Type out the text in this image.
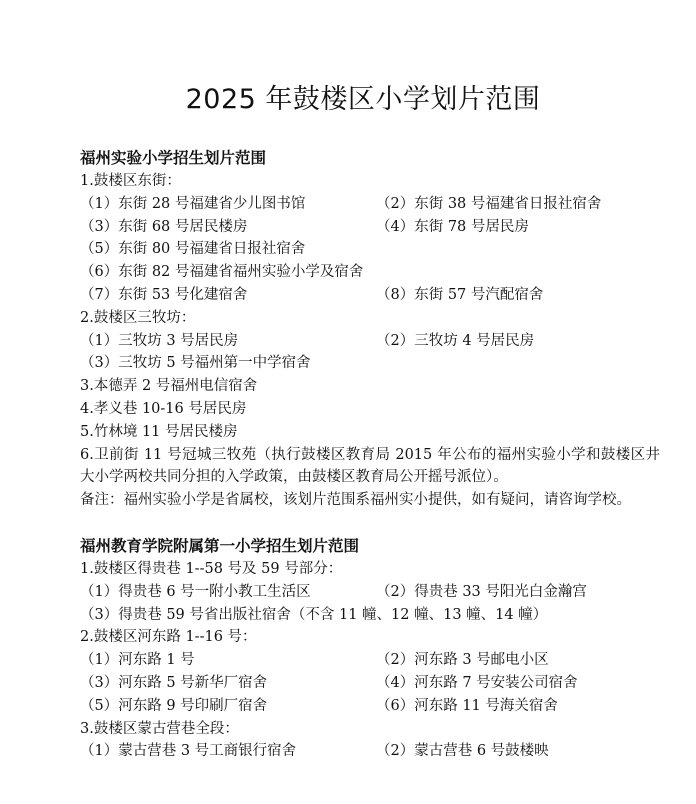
2025 年鼓楼区小学划片范围
福州实验小学招生划片范围
1.鼓楼区东街：
（1）东街 28 号福建省少儿图书馆	（2）东街 38 号福建省日报社宿舍
（3）东街 68 号居民楼房	（4）东街 78 号居民房
（5）东街 80 号福建省日报社宿舍
（6）东街 82 号福建省福州实验小学及宿舍
（7）东街 53 号化建宿舍	（8）东街 57 号汽配宿舍
2.鼓楼区三牧坊：
（1）三牧坊 3 号居民房	（2）三牧坊 4 号居民房
（3）三牧坊 5 号福州第一中学宿舍
3.本德弄 2 号福州电信宿舍
4.孝义巷 10-16 号居民房
5.竹林境 11 号居民楼房
6.卫前街 11 号冠城三牧苑（执行鼓楼区教育局 2015 年公布的福州实验小学和鼓楼区井大小学两校共同分担的入学政策，由鼓楼区教育局公开摇号派位）。
备注：福州实验小学是省属校，该划片范围系福州实小提供，如有疑问，请咨询学校。
福州教育学院附属第一小学招生划片范围
1.鼓楼区得贵巷 1--58 号及 59 号部分：
（1）得贵巷 6 号一附小教工生活区	（2）得贵巷 33 号阳光白金瀚宫
（3）得贵巷 59 号省出版社宿舍（不含 11 幢、12 幢、13 幢、14 幢）
2.鼓楼区河东路 1--16 号：
（1）河东路 1 号	（2）河东路 3 号邮电小区
（3）河东路 5 号新华厂宿舍	（4）河东路 7 号安装公司宿舍
（5）河东路 9 号印刷厂宿舍	（6）河东路 11 号海关宿舍
3.鼓楼区蒙古营巷全段：
（1）蒙古营巷 3 号工商银行宿舍	（2）蒙古营巷 6 号鼓楼映
